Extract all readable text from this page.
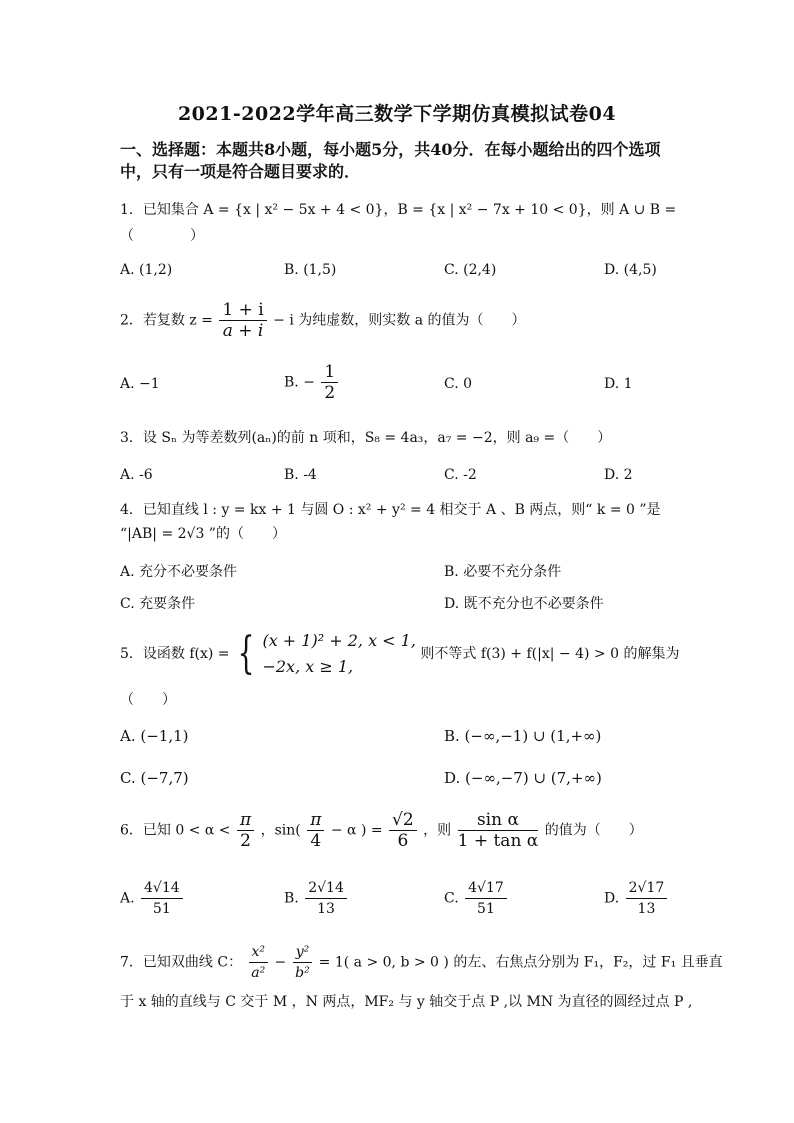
2021-2022学年高三数学下学期仿真模拟试卷04
一、选择题：本题共8小题，每小题5分，共40分．在每小题给出的四个选项
中，只有一项是符合题目要求的．
1．已知集合 A = {x | x² − 5x + 4 < 0}，B = {x | x² − 7x + 10 < 0}，则 A ∪ B =
（　　　　）
A. (1,2)	B. (1,5)	C. (2,4)	D. (4,5)
2．若复数 $z = \frac{1 + i}{a + i} - i$ 为纯虚数，则实数 a 的值为（　　）
A. −1	B. − $\frac{1}{2}$	C. 0	D. 1
3．设 Sₙ 为等差数列(aₙ)的前 n 项和，S₈ = 4a₃，a₇ = −2，则 a₉ =（　　）
A. -6	B. -4	C. -2	D. 2
4．已知直线 l : y = kx + 1 与圆 O : x² + y² = 4 相交于 A 、B 两点，则“ k = 0 ”是
“|AB| = 2√3 ”的（　　）
A. 充分不必要条件	B. 必要不充分条件
C. 充要条件	D. 既不充分也不必要条件
5．设函数 f(x) = { (x + 1)² + 2, x < 1,
−2x, x ≥ 1,
则不等式 f(3) + f(|x| − 4) > 0 的解集为
（　　）
A. (−1,1)	B. (−∞,−1) ∪ (1,+∞)
C. (−7,7)	D. (−∞,−7) ∪ (7,+∞)
6．已知 $0 < \alpha < \frac{\pi}{2}$ ，$\sin( \frac{\pi}{4} - \alpha$ ) = $\frac{√2}{6}$ ，则 $\frac{\text{sin α}}{\text{1 + tan α}}$ 的值为（　　）
A. $\frac{4√14}{51}$	B. $\frac{2√14}{13}$	C. $\frac{4√17}{51}$	D. $\frac{2√17}{13}$
7．已知双曲线 C： $\frac{\text{x²}}{\text{a²}} - \frac{\text{y²}}{\text{b²}} = 1$( a > 0, b > 0 ) 的左、右焦点分别为 F₁，F₂，过 F₁ 且垂直
于 x 轴的直线与 C 交于 M ，N 两点，MF₂ 与 y 轴交于点 P ,以 MN 为直径的圆经过点 P ,
